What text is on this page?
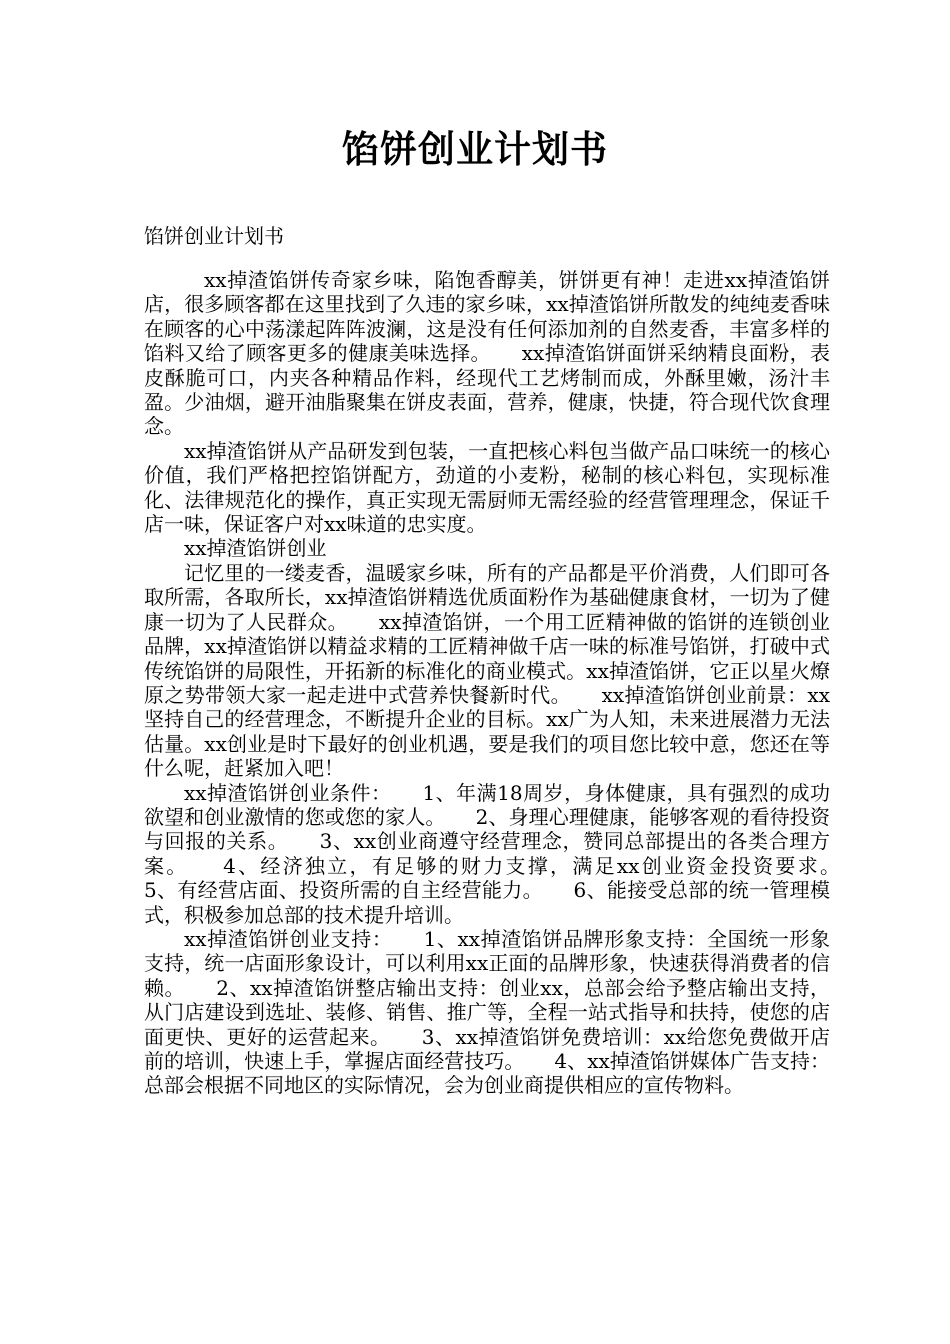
馅饼创业计划书
馅饼创业计划书

xx掉渣馅饼传奇家乡味，陷饱香醇美，饼饼更有神！走进xx掉渣馅饼店，很多顾客都在这里找到了久违的家乡味，xx掉渣馅饼所散发的纯纯麦香味在顾客的心中荡漾起阵阵波澜，这是没有任何添加剂的自然麦香，丰富多样的馅料又给了顾客更多的健康美味选择。　　xx掉渣馅饼面饼采纳精良面粉，表皮酥脆可口，内夹各种精品作料，经现代工艺烤制而成，外酥里嫩，汤汁丰盈。少油烟，避开油脂聚集在饼皮表面，营养，健康，快捷，符合现代饮食理念。

xx掉渣馅饼从产品研发到包装，一直把核心料包当做产品口味统一的核心价值，我们严格把控馅饼配方，劲道的小麦粉，秘制的核心料包，实现标准化、法律规范化的操作，真正实现无需厨师无需经验的经营管理理念，保证千店一味，保证客户对xx味道的忠实度。

xx掉渣馅饼创业

记忆里的一缕麦香，温暖家乡味，所有的产品都是平价消费，人们即可各取所需，各取所长，xx掉渣馅饼精选优质面粉作为基础健康食材，一切为了健康一切为了人民群众。　　xx掉渣馅饼，一个用工匠精神做的馅饼的连锁创业品牌，xx掉渣馅饼以精益求精的工匠精神做千店一味的标准号馅饼，打破中式传统馅饼的局限性，开拓新的标准化的商业模式。xx掉渣馅饼，它正以星火燎原之势带领大家一起走进中式营养快餐新时代。　　xx掉渣馅饼创业前景：xx坚持自己的经营理念，不断提升企业的目标。xx广为人知，未来进展潜力无法估量。xx创业是时下最好的创业机遇，要是我们的项目您比较中意，您还在等什么呢，赶紧加入吧！

xx掉渣馅饼创业条件：　　1、年满18周岁，身体健康，具有强烈的成功欲望和创业激情的您或您的家人。　　2、身理心理健康，能够客观的看待投资与回报的关系。　　3、xx创业商遵守经营理念，赞同总部提出的各类合理方案。　　4、经济独立，有足够的财力支撑，满足xx创业资金投资要求。　　5、有经营店面、投资所需的自主经营能力。　　6、能接受总部的统一管理模式，积极参加总部的技术提升培训。

xx掉渣馅饼创业支持：　　1、xx掉渣馅饼品牌形象支持：全国统一形象支持，统一店面形象设计，可以利用xx正面的品牌形象，快速获得消费者的信赖。　　2、xx掉渣馅饼整店输出支持：创业xx，总部会给予整店输出支持，从门店建设到选址、装修、销售、推广等，全程一站式指导和扶持，使您的店面更快、更好的运营起来。　　3、xx掉渣馅饼免费培训：xx给您免费做开店前的培训，快速上手，掌握店面经营技巧。　　4、xx掉渣馅饼媒体广告支持：总部会根据不同地区的实际情况，会为创业商提供相应的宣传物料。
